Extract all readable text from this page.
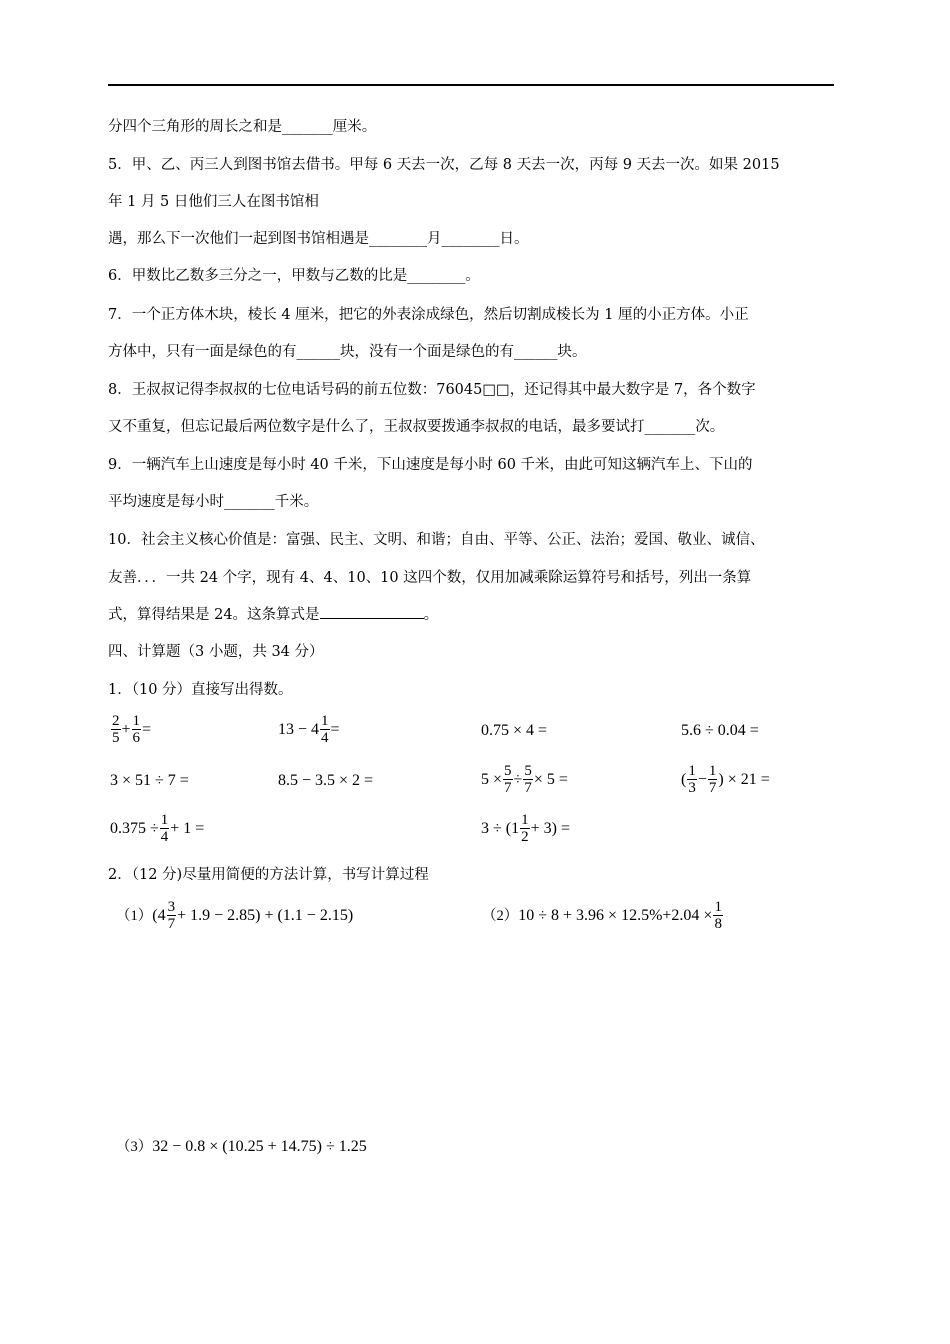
分四个三角形的周长之和是_______厘米。
5．甲、乙、丙三人到图书馆去借书。甲每 6 天去一次，乙每 8 天去一次，丙每 9 天去一次。如果 2015
年 1 月 5 日他们三人在图书馆相
遇，那么下一次他们一起到图书馆相遇是________月________日。
6．甲数比乙数多三分之一，甲数与乙数的比是________。
7．一个正方体木块，棱长 4 厘米，把它的外表涂成绿色，然后切割成棱长为 1 厘的小正方体。小正
方体中，只有一面是绿色的有______块，没有一个面是绿色的有______块。
8．王叔叔记得李叔叔的七位电话号码的前五位数：76045□□，还记得其中最大数字是 7，各个数字
又不重复，但忘记最后两位数字是什么了，王叔叔要拨通李叔叔的电话，最多要试打_______次。
9．一辆汽车上山速度是每小时 40 千米，下山速度是每小时 60 千米，由此可知这辆汽车上、下山的
平均速度是每小时_______千米。
10．社会主义核心价值是：富强、民主、文明、和谐；自由、平等、公正、法治；爱国、敬业、诚信、
友善．．．一共 24 个字，现有 4、4、10、10 这四个数，仅用加减乘除运算符号和括号，列出一条算
式，算得结果是 24。这条算式是	。
四、计算题（3 小题，共 34 分）
1．（10 分）直接写出得数。
$\frac{2}{5} + \frac{1}{6}$ =	$13 - 4 \frac{1}{4}$ =	0.75 × 4 =	5.6 ÷ 0.04 =
3 × 51 ÷ 7 =	8.5 − 3.5 × 2 =	$5 \times \frac{5}{7} \div \frac{5}{7} \times 5$ =	( $\frac{1}{3} - \frac{1}{7}$ ) × 21 =
$0.375 \div \frac{1}{4} + 1$ =	$3 \div (1 \frac{1}{2} + 3)$ =
2．（12 分)尽量用简便的方法计算，书写计算过程
$(1)(4 \frac{3}{7} + 1.9 - 2.85) + (1.1 - 2.15)$	$(2)10 \div 8 + 3.96 \times 12.5\%+2.04 \times \frac{1}{8}$
（3）32 − 0.8 × (10.25 + 14.75) ÷ 1.25
